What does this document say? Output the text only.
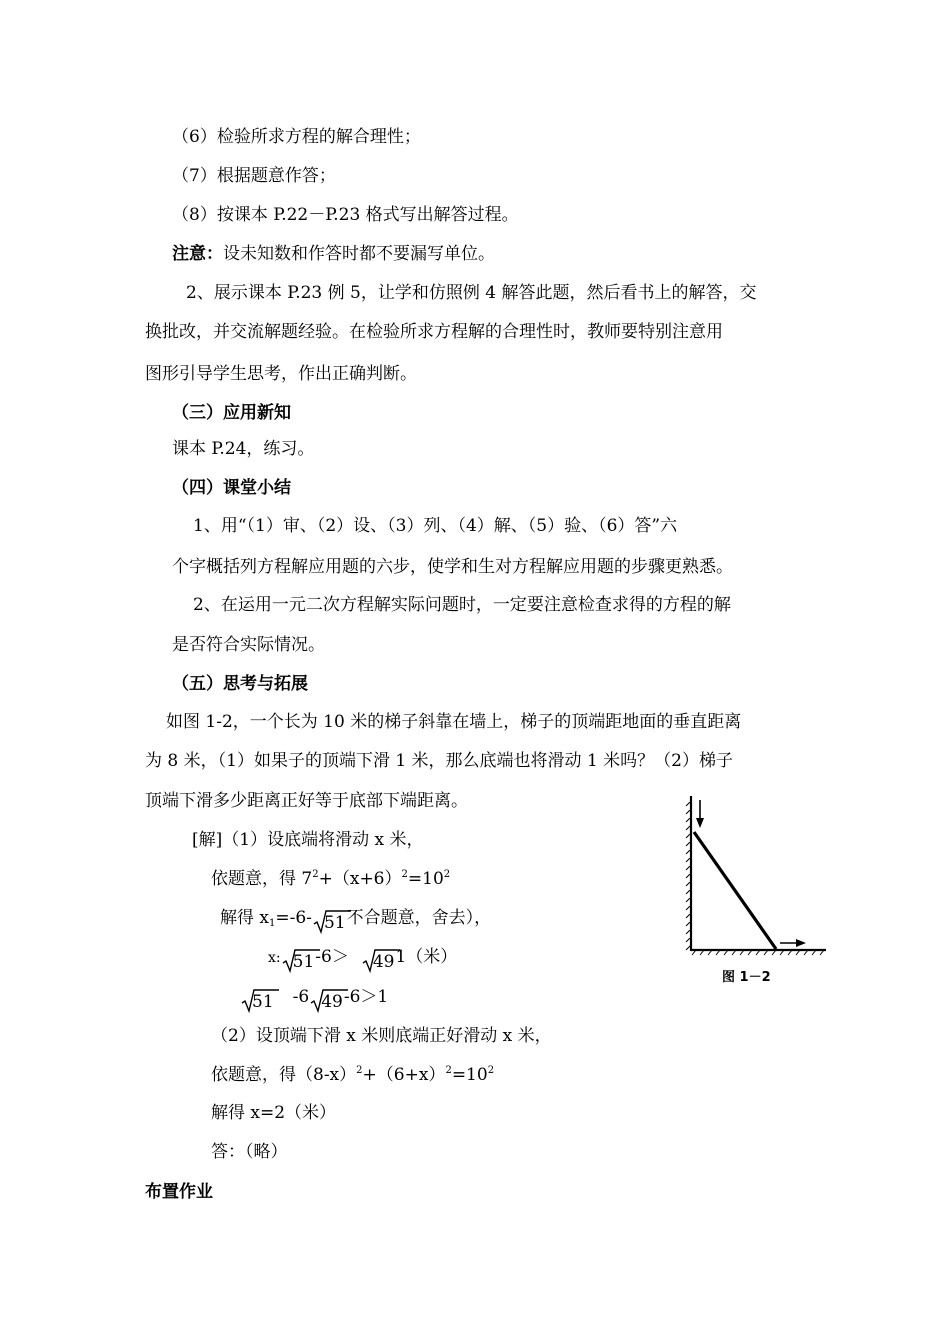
（6）检验所求方程的解合理性；
（7）根据题意作答；
（8）按课本 P.22－P.23 格式写出解答过程。
注意：设未知数和作答时都不要漏写单位。
2、展示课本 P.23 例 5，让学和仿照例 4 解答此题，然后看书上的解答，交
换批改，并交流解题经验。在检验所求方程解的合理性时，教师要特别注意用
图形引导学生思考，作出正确判断。
（三）应用新知
课本 P.24，练习。
（四）课堂小结
1、用“（1）审、（2）设、（3）列、（4）解、（5）验、（6）答”六
个字概括列方程解应用题的六步，使学和生对方程解应用题的步骤更熟悉。
2、在运用一元二次方程解实际问题时，一定要注意检查求得的方程的解
是否符合实际情况。
（五）思考与拓展
如图 1-2，一个长为 10 米的梯子斜靠在墙上，梯子的顶端距地面的垂直距离
为 8 米，（1）如果子的顶端下滑 1 米，那么底端也将滑动 1 米吗？（2）梯子
顶端下滑多少距离正好等于底部下端距离。
[解]（1）设底端将滑动 x 米，
依题意，得 $7^2+(x+6)^2=10^2$
解得 $x_1=-6-$ 51不合题意，舍去），
x: 51-6＞ 491（米）
51 -6 49-6＞1
（2）设顶端下滑 x 米则底端正好滑动 x 米，
依题意，得$(8-x)^2+(6+x)^2=10^2$
解得 x=2（米）
答：（略）
布置作业
图 1－2
